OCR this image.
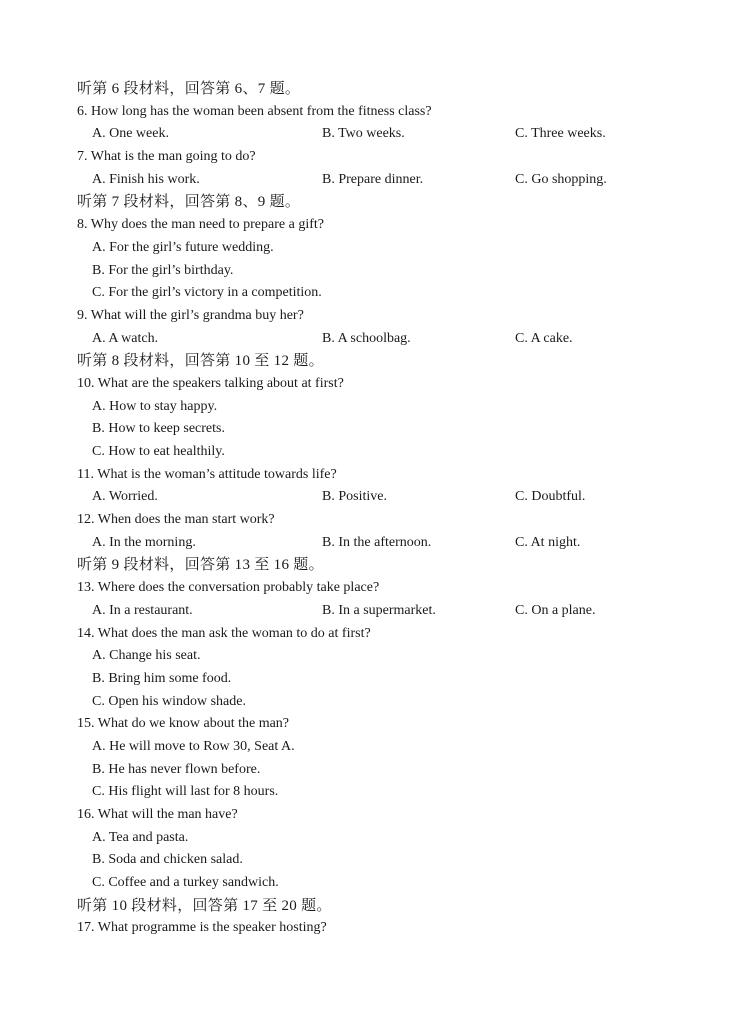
听第 6 段材料，回答第 6、7 题。
6. How long has the woman been absent from the fitness class?
A. One week.	B. Two weeks.	C. Three weeks.
7. What is the man going to do?
A. Finish his work.	B. Prepare dinner.	C. Go shopping.
听第 7 段材料，回答第 8、9 题。
8. Why does the man need to prepare a gift?
A. For the girl’s future wedding.
B. For the girl’s birthday.
C. For the girl’s victory in a competition.
9. What will the girl’s grandma buy her?
A. A watch.	B. A schoolbag.	C. A cake.
听第 8 段材料，回答第 10 至 12 题。
10. What are the speakers talking about at first?
A. How to stay happy.
B. How to keep secrets.
C. How to eat healthily.
11. What is the woman’s attitude towards life?
A. Worried.	B. Positive.	C. Doubtful.
12. When does the man start work?
A. In the morning.	B. In the afternoon.	C. At night.
听第 9 段材料，回答第 13 至 16 题。
13. Where does the conversation probably take place?
A. In a restaurant.	B. In a supermarket.	C. On a plane.
14. What does the man ask the woman to do at first?
A. Change his seat.
B. Bring him some food.
C. Open his window shade.
15. What do we know about the man?
A. He will move to Row 30, Seat A.
B. He has never flown before.
C. His flight will last for 8 hours.
16. What will the man have?
A. Tea and pasta.
B. Soda and chicken salad.
C. Coffee and a turkey sandwich.
听第 10 段材料，回答第 17 至 20 题。
17. What programme is the speaker hosting?
